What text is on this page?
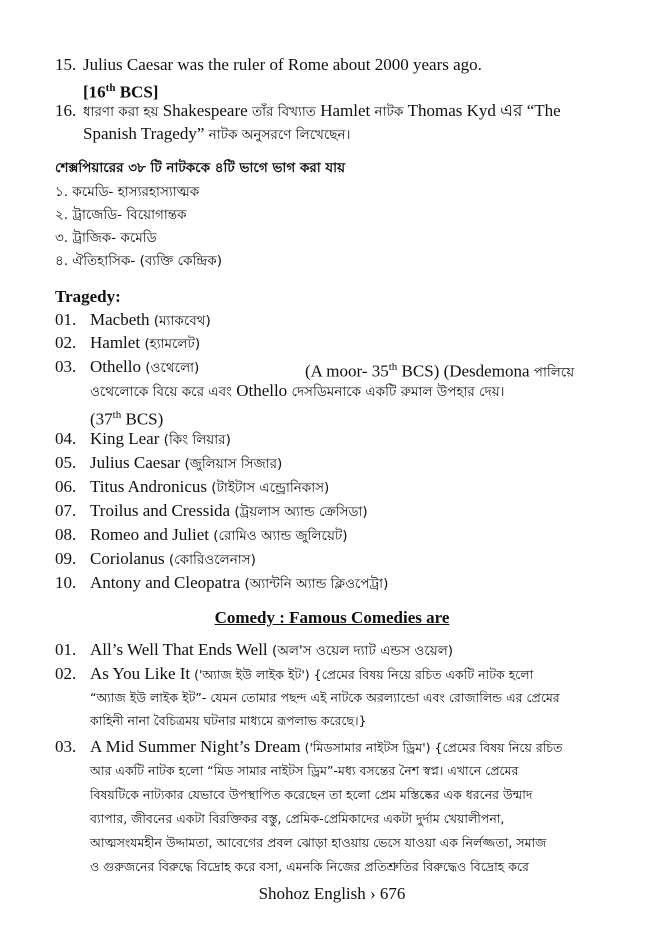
15. Julius Caesar was the ruler of Rome about 2000 years ago.
[16th BCS]
16. ধারণা করা হয় Shakespeare তাঁর বিখ্যাত Hamlet নাটক Thomas Kyd এর “The
Spanish Tragedy” নাটক অনুসরণে লিখেছেন।
শেক্সপিয়ারের ৩৮ টি নাটককে ৪টি ভাগে ভাগ করা যায়
১. কমেডি- হাস্যরহাস্যাত্মক
২. ট্রাজেডি- বিয়োগান্তক
৩. ট্রাজিক- কমেডি
৪. ঐতিহাসিক- (ব্যক্তি কেন্দ্রিক)
Tragedy:
01. Macbeth (ম্যাকবেথ)
02. Hamlet (হ্যামলেট)
03. Othello (ওথেলো)	(A moor- 35th BCS) (Desdemona পালিয়ে
ওথেলোকে বিয়ে করে এবং Othello দেসডিমনাকে একটি রুমাল উপহার দেয়।
(37th BCS)
04. King Lear (কিং লিয়ার)
05. Julius Caesar (জুলিয়াস সিজার)
06. Titus Andronicus (টাইটাস এন্ড্রোনিকাস)
07. Troilus and Cressida (ট্রয়লাস অ্যান্ড ক্রেসিডা)
08. Romeo and Juliet (রোমিও অ্যান্ড জুলিয়েট)
09. Coriolanus (কোরিওলেনাস)
10. Antony and Cleopatra (অ্যান্টনি অ্যান্ড ক্লিওপেট্রা)
Comedy : Famous Comedies are
01. All’s Well That Ends Well (অল'স ওয়েল দ্যাট এন্ডস ওয়েল)
02. As You Like It ('অ্যাজ ইউ লাইক ইট') {প্রেমের বিষয় নিয়ে রচিত একটি নাটক হলো
“অ্যাজ ইউ লাইক ইট”- যেমন তোমার পছন্দ এই নাটকে অরল্যান্ডো এবং রোজালিন্ড এর প্রেমের
কাহিনী নানা বৈচিত্রময় ঘটনার মাধ্যমে রূপলাভ করেছে।}
03. A Mid Summer Night’s Dream ('মিডসামার নাইটস ড্রিম') {প্রেমের বিষয় নিয়ে রচিত
আর একটি নাটক হলো “মিড সামার নাইটস ড্রিম”-মধ্য বসন্তের নৈশ স্বপ্ন। এখানে প্রেমের
বিষয়টিকে নাট্যকার যেভাবে উপস্থাপিত করেছেন তা হলো প্রেম মস্তিষ্কের এক ধরনের উন্মাদ
ব্যাপার, জীবনের একটা বিরক্তিকর বস্তু, প্রেমিক-প্রেমিকাদের একটা দুর্দাম খেয়ালীপনা,
আত্মসংযমহীন উদ্দামতা, আবেগের প্রবল ঝোড়া হাওয়ায় ভেসে যাওয়া এক নির্লজ্জতা, সমাজ
ও গুরুজনের বিরুদ্ধে বিদ্রোহ করে বসা, এমনকি নিজের প্রতিশ্রুতির বিরুদ্ধেও বিদ্রোহ করে
Shohoz English › 676
